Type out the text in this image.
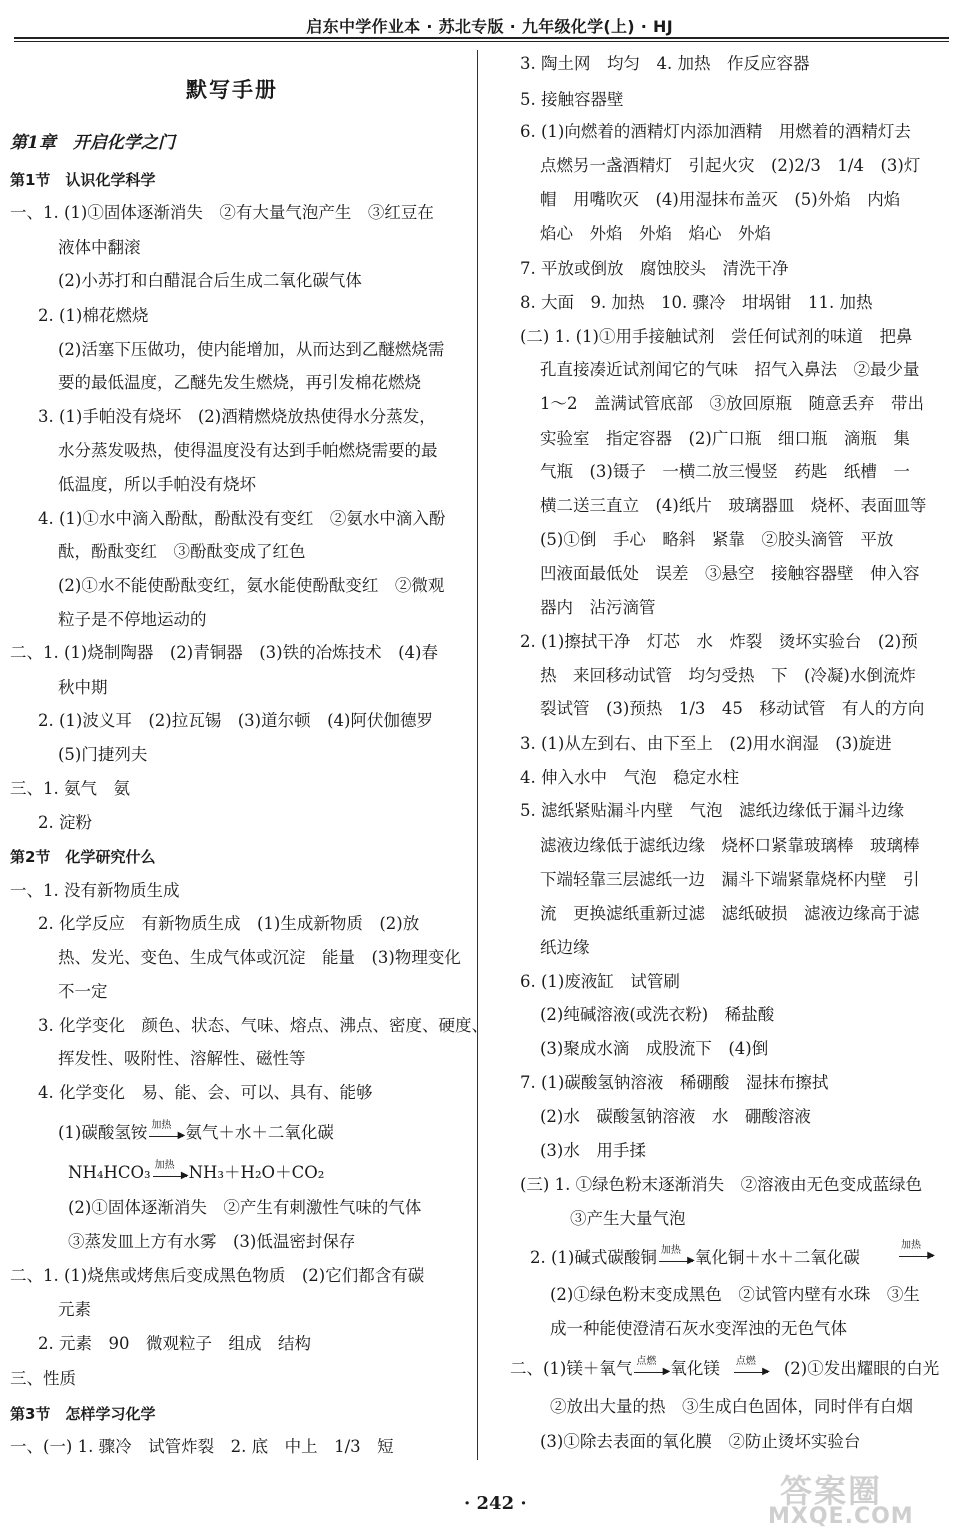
启东中学作业本 · 苏北专版 · 九年级化学(上) · HJ
默写手册
第1章　开启化学之门
第1节　认识化学科学
一、1. (1)①固体逐渐消失　②有大量气泡产生　③红豆在
液体中翻滚
(2)小苏打和白醋混合后生成二氧化碳气体
2. (1)棉花燃烧
(2)活塞下压做功，使内能增加，从而达到乙醚燃烧需
要的最低温度，乙醚先发生燃烧，再引发棉花燃烧
3. (1)手帕没有烧坏　(2)酒精燃烧放热使得水分蒸发，
水分蒸发吸热，使得温度没有达到手帕燃烧需要的最
低温度，所以手帕没有烧坏
4. (1)①水中滴入酚酞，酚酞没有变红　②氨水中滴入酚
酞，酚酞变红　③酚酞变成了红色
(2)①水不能使酚酞变红，氨水能使酚酞变红　②微观
粒子是不停地运动的
二、1. (1)烧制陶器　(2)青铜器　(3)铁的冶炼技术　(4)春
秋中期
2. (1)波义耳　(2)拉瓦锡　(3)道尔顿　(4)阿伏伽德罗
(5)门捷列夫
三、1. 氨气　氨
2. 淀粉
第2节　化学研究什么
一、1. 没有新物质生成
2. 化学反应　有新物质生成　(1)生成新物质　(2)放
热、发光、变色、生成气体或沉淀　能量　(3)物理变化
不一定
3. 化学变化　颜色、状态、气味、熔点、沸点、密度、硬度、
挥发性、吸附性、溶解性、磁性等
4. 化学变化　易、能、会、可以、具有、能够
(1)碳酸氢铵 加热
▶ 氨气＋水＋二氧化碳
NH₄HCO₃ 加热
▶ NH₃＋H₂O＋CO₂
(2)①固体逐渐消失　②产生有刺激性气味的气体
③蒸发皿上方有水雾　(3)低温密封保存
二、1. (1)烧焦或烤焦后变成黑色物质　(2)它们都含有碳
元素
2. 元素　90　微观粒子　组成　结构
三、性质
第3节　怎样学习化学
一、(一) 1. 骤冷　试管炸裂　2. 底　中上　1/3　短
3. 陶土网　均匀　4. 加热　作反应容器
5. 接触容器壁
6. (1)向燃着的酒精灯内添加酒精　用燃着的酒精灯去
点燃另一盏酒精灯　引起火灾　(2)2/3　1/4　(3)灯
帽　用嘴吹灭　(4)用湿抹布盖灭　(5)外焰　内焰
焰心　外焰　外焰　焰心　外焰
7. 平放或倒放　腐蚀胶头　清洗干净
8. 大面　9. 加热　10. 骤冷　坩埚钳　11. 加热
(二) 1. (1)①用手接触试剂　尝任何试剂的味道　把鼻
孔直接凑近试剂闻它的气味　招气入鼻法　②最少量
1～2　盖满试管底部　③放回原瓶　随意丢弃　带出
实验室　指定容器　(2)广口瓶　细口瓶　滴瓶　集
气瓶　(3)镊子　一横二放三慢竖　药匙　纸槽　一
横二送三直立　(4)纸片　玻璃器皿　烧杯、表面皿等
(5)①倒　手心　略斜　紧靠　②胶头滴管　平放
凹液面最低处　误差　③悬空　接触容器壁　伸入容
器内　沾污滴管
2. (1)擦拭干净　灯芯　水　炸裂　烫坏实验台　(2)预
热　来回移动试管　均匀受热　下　(冷凝)水倒流炸
裂试管　(3)预热　1/3　45　移动试管　有人的方向
3. (1)从左到右、由下至上　(2)用水润湿　(3)旋进
4. 伸入水中　气泡　稳定水柱
5. 滤纸紧贴漏斗内壁　气泡　滤纸边缘低于漏斗边缘
滤液边缘低于滤纸边缘　烧杯口紧靠玻璃棒　玻璃棒
下端轻靠三层滤纸一边　漏斗下端紧靠烧杯内壁　引
流　更换滤纸重新过滤　滤纸破损　滤液边缘高于滤
纸边缘
6. (1)废液缸　试管刷
(2)纯碱溶液(或洗衣粉)　稀盐酸
(3)聚成水滴　成股流下　(4)倒
7. (1)碳酸氢钠溶液　稀硼酸　湿抹布擦拭
(2)水　碳酸氢钠溶液　水　硼酸溶液
(3)水　用手揉
(三) 1. ①绿色粉末逐渐消失　②溶液由无色变成蓝绿色
③产生大量气泡
2. (1)碱式碳酸铜 加热
▶ 氧化铜＋水＋二氧化碳
加热
▶
(2)①绿色粉末变成黑色　②试管内壁有水珠　③生
成一种能使澄清石灰水变浑浊的无色气体
二、(1)镁＋氧气 点燃
▶ 氧化镁 点燃
▶ (2)①发出耀眼的白光
②放出大量的热　③生成白色固体，同时伴有白烟
(3)①除去表面的氧化膜　②防止烫坏实验台
· 242 ·	答案圈
MXQE.COM
